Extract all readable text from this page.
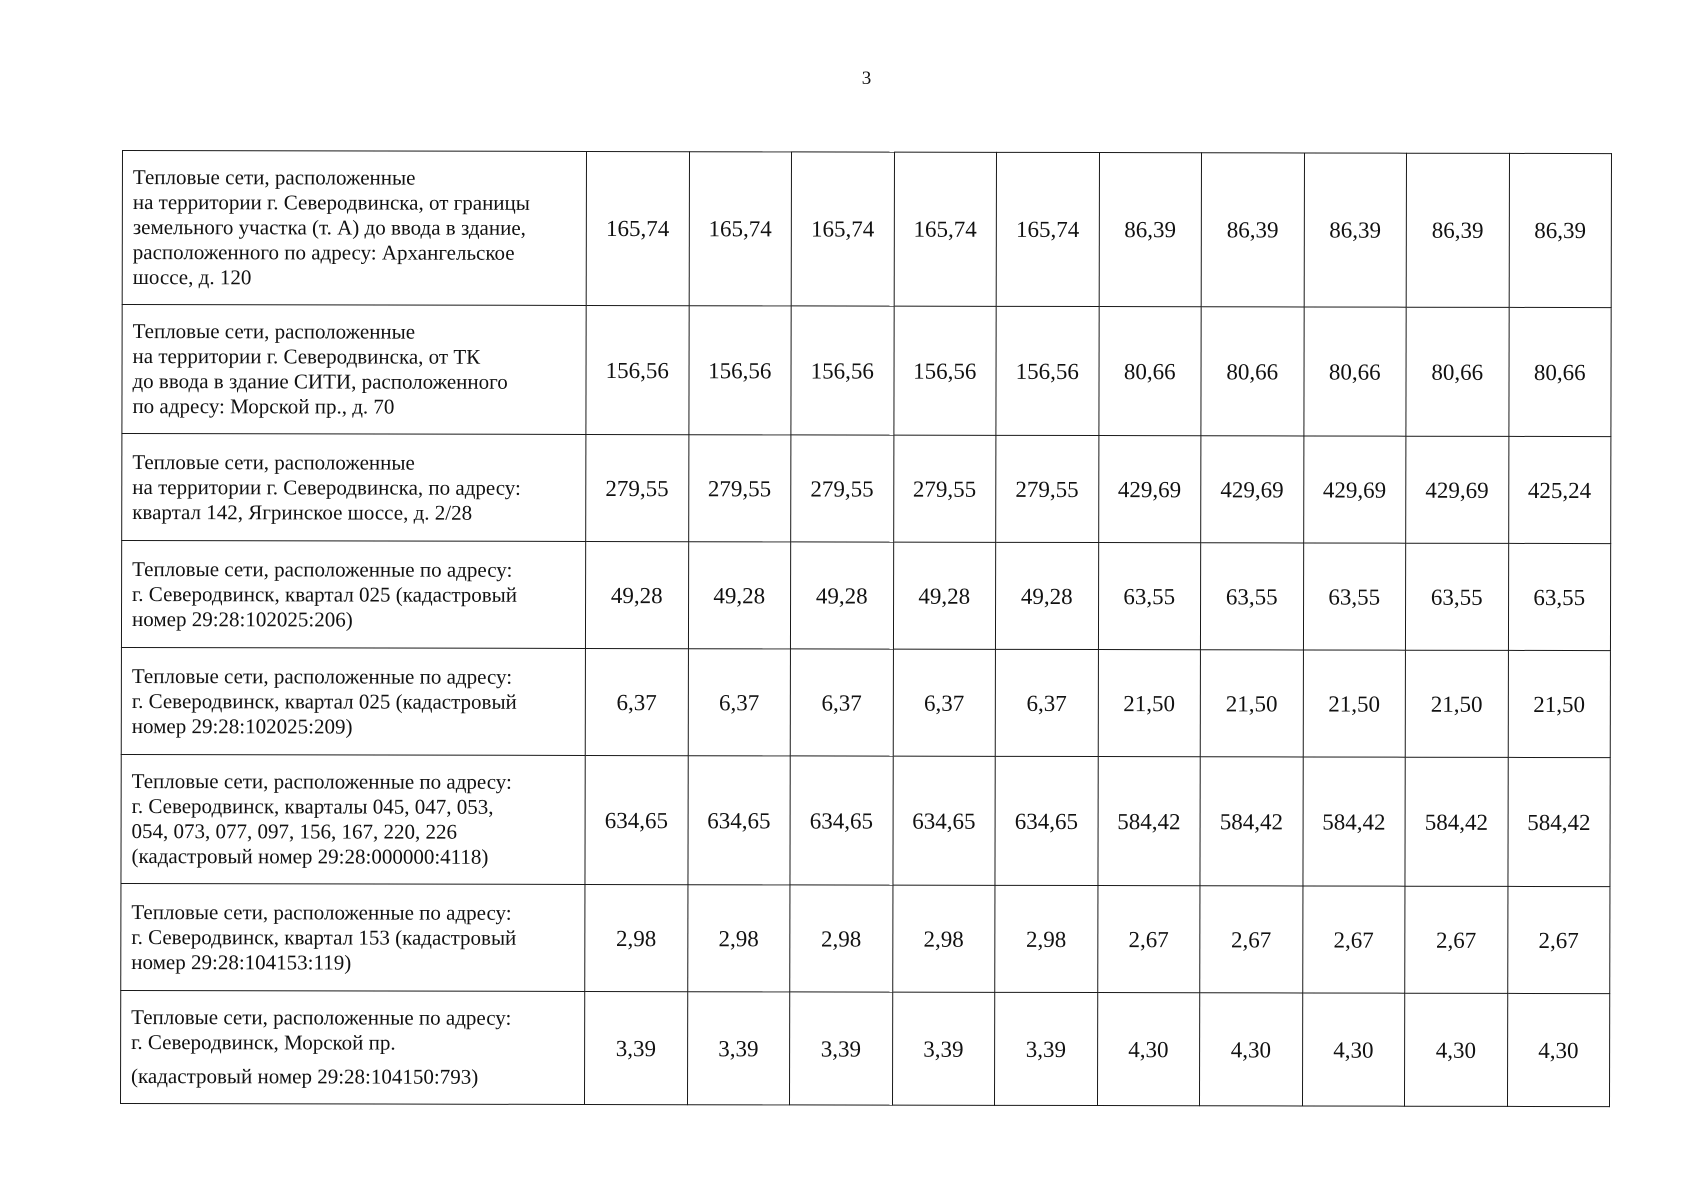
3
Тепловые сети, расположенные
на территории г. Северодвинска, от границы
земельного участка (т. А) до ввода в здание,
расположенного по адресу: Архангельское
шоссе, д. 120	165,74	165,74	165,74	165,74	165,74	86,39	86,39	86,39	86,39	86,39

Тепловые сети, расположенные
на территории г. Северодвинска, от ТК
до ввода в здание СИТИ, расположенного
по адресу: Морской пр., д. 70	156,56	156,56	156,56	156,56	156,56	80,66	80,66	80,66	80,66	80,66

Тепловые сети, расположенные
на территории г. Северодвинска, по адресу:
квартал 142, Ягринское шоссе, д. 2/28	279,55	279,55	279,55	279,55	279,55	429,69	429,69	429,69	429,69	425,24

Тепловые сети, расположенные по адресу:
г. Северодвинск, квартал 025 (кадастровый
номер 29:28:102025:206)	49,28	49,28	49,28	49,28	49,28	63,55	63,55	63,55	63,55	63,55

Тепловые сети, расположенные по адресу:
г. Северодвинск, квартал 025 (кадастровый
номер 29:28:102025:209)	6,37	6,37	6,37	6,37	6,37	21,50	21,50	21,50	21,50	21,50

Тепловые сети, расположенные по адресу:
г. Северодвинск, кварталы 045, 047, 053,
054, 073, 077, 097, 156, 167, 220, 226
(кадастровый номер 29:28:000000:4118)	634,65	634,65	634,65	634,65	634,65	584,42	584,42	584,42	584,42	584,42

Тепловые сети, расположенные по адресу:
г. Северодвинск, квартал 153 (кадастровый
номер 29:28:104153:119)	2,98	2,98	2,98	2,98	2,98	2,67	2,67	2,67	2,67	2,67

Тепловые сети, расположенные по адресу:
г. Северодвинск, Морской пр.
(кадастровый номер 29:28:104150:793)	3,39	3,39	3,39	3,39	3,39	4,30	4,30	4,30	4,30	4,30
